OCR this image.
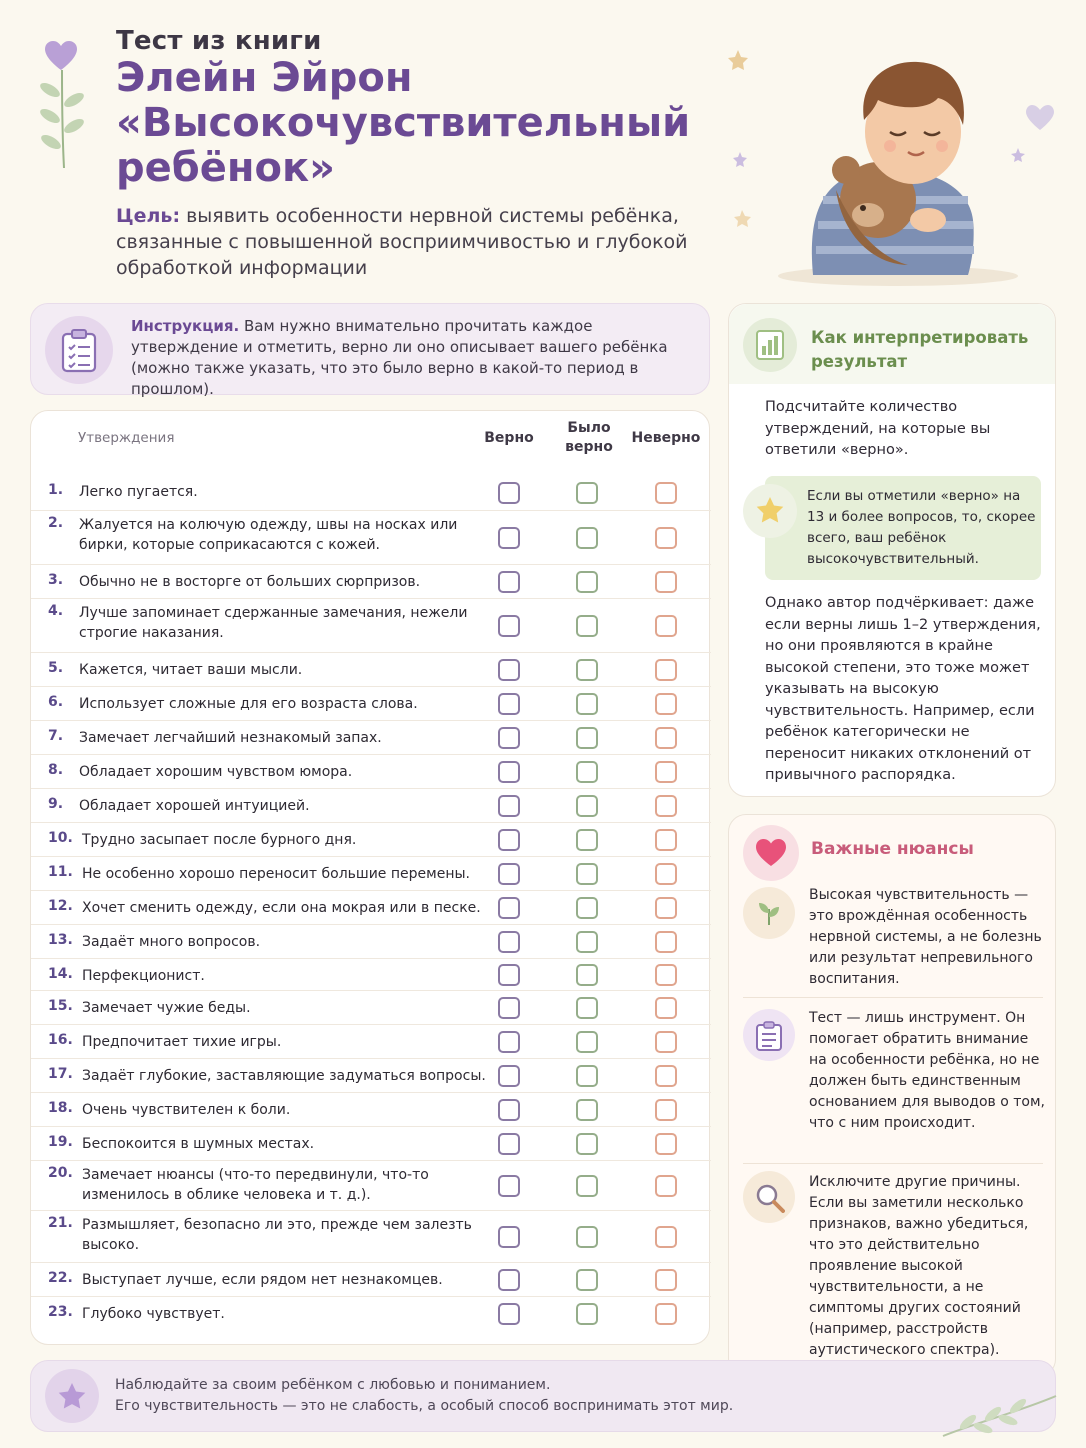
Тест из книги
Элейн Эйрон
«Высокочувствительный
ребёнок»
Цель: выявить особенности нервной системы ребёнка, связанные с повышенной восприимчивостью и глубокой обработкой информации
Инструкция. Вам нужно внимательно прочитать каждое утверждение и отметить, верно ли оно описывает вашего ребёнка (можно также указать, что это было верно в какой-то период в прошлом).
Утверждения	Верно
Было
верно
Неверно
1. Легко пугается.
2. Жалуется на колючую одежду, швы на носках или бирки, которые соприкасаются с кожей.
3. Обычно не в восторге от больших сюрпризов.
4. Лучше запоминает сдержанные замечания, нежели строгие наказания.
5. Кажется, читает ваши мысли.
6. Использует сложные для его возраста слова.
7. Замечает легчайший незнакомый запах.
8. Обладает хорошим чувством юмора.
9. Обладает хорошей интуицией.
10. Трудно засыпает после бурного дня.
11. Не особенно хорошо переносит большие перемены.
12. Хочет сменить одежду, если она мокрая или в песке.
13. Задаёт много вопросов.
14. Перфекционист.
15. Замечает чужие беды.
16. Предпочитает тихие игры.
17. Задаёт глубокие, заставляющие задуматься вопросы.
18. Очень чувствителен к боли.
19. Беспокоится в шумных местах.
20. Замечает нюансы (что-то передвинули, что-то изменилось в облике человека и т. д.).
21. Размышляет, безопасно ли это, прежде чем залезть высоко.
22. Выступает лучше, если рядом нет незнакомцев.
23. Глубоко чувствует.
Как интерпретировать результат
Подсчитайте количество утверждений, на которые вы ответили «верно».
Если вы отметили «верно» на 13 и более вопросов, то, скорее всего, ваш ребёнок высокочувствительный.
Однако автор подчёркивает: даже если верны лишь 1–2 утверждения, но они проявляются в крайне высокой степени, это тоже может указывать на высокую чувствительность. Например, если ребёнок категорически не переносит никаких отклонений от привычного распорядка.
Важные нюансы
Высокая чувствительность — это врождённая особенность нервной системы, а не болезнь или результат непревильного воспитания.
Тест — лишь инструмент. Он помогает обратить внимание на особенности ребёнка, но не должен быть единственным основанием для выводов о том, что с ним происходит.
Исключите другие причины. Если вы заметили несколько признаков, важно убедиться, что это действительно проявление высокой чувствительности, а не симптомы других состояний (например, расстройств аутистического спектра).
Наблюдайте за своим ребёнком с любовью и пониманием.
Его чувствительность — это не слабость, а особый способ воспринимать этот мир.
